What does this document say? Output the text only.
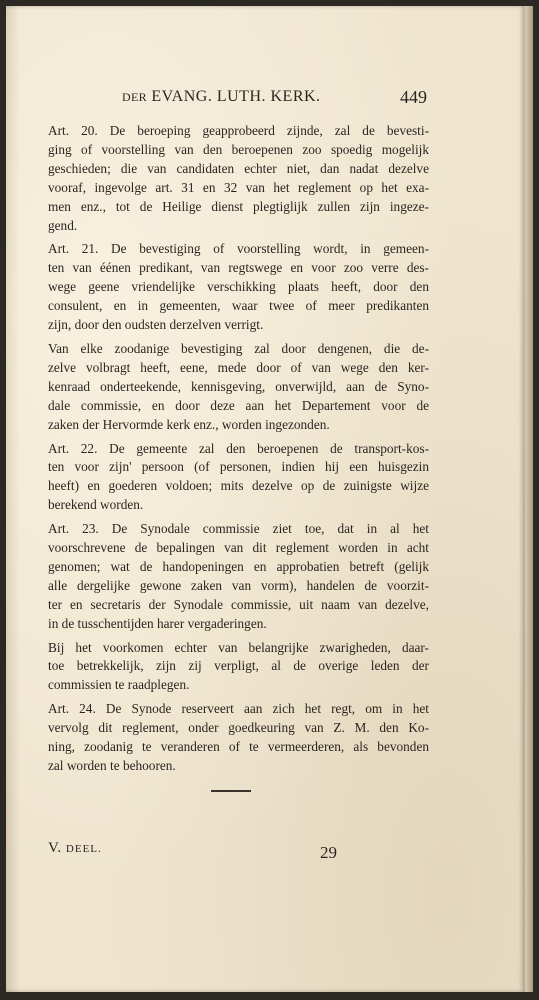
DER EVANG. LUTH. KERK.	449
Art. 20. De beroeping geapprobeerd zijnde, zal de bevesti-
ging of voorstelling van den beroepenen zoo spoedig mogelijk
geschieden; die van candidaten echter niet, dan nadat dezelve
vooraf, ingevolge art. 31 en 32 van het reglement op het exa-
men enz., tot de Heilige dienst plegtiglijk zullen zijn ingeze-
gend.
Art. 21. De bevestiging of voorstelling wordt, in gemeen-
ten van éénen predikant, van regtswege en voor zoo verre des-
wege geene vriendelijke verschikking plaats heeft, door den
consulent, en in gemeenten, waar twee of meer predikanten
zijn, door den oudsten derzelven verrigt.
Van elke zoodanige bevestiging zal door dengenen, die de-
zelve volbragt heeft, eene, mede door of van wege den ker-
kenraad onderteekende, kennisgeving, onverwijld, aan de Syno-
dale commissie, en door deze aan het Departement voor de
zaken der Hervormde kerk enz., worden ingezonden.
Art. 22. De gemeente zal den beroepenen de transport-kos-
ten voor zijn' persoon (of personen, indien hij een huisgezin
heeft) en goederen voldoen; mits dezelve op de zuinigste wijze
berekend worden.
Art. 23. De Synodale commissie ziet toe, dat in al het
voorschrevene de bepalingen van dit reglement worden in acht
genomen; wat de handopeningen en approbatien betreft (gelijk
alle dergelijke gewone zaken van vorm), handelen de voorzit-
ter en secretaris der Synodale commissie, uit naam van dezelve,
in de tusschentijden harer vergaderingen.
Bij het voorkomen echter van belangrijke zwarigheden, daar-
toe betrekkelijk, zijn zij verpligt, al de overige leden der
commissien te raadplegen.
Art. 24. De Synode reserveert aan zich het regt, om in het
vervolg dit reglement, onder goedkeuring van Z. M. den Ko-
ning, zoodanig te veranderen of te vermeerderen, als bevonden
zal worden te behooren.
V. DEEL.	29
